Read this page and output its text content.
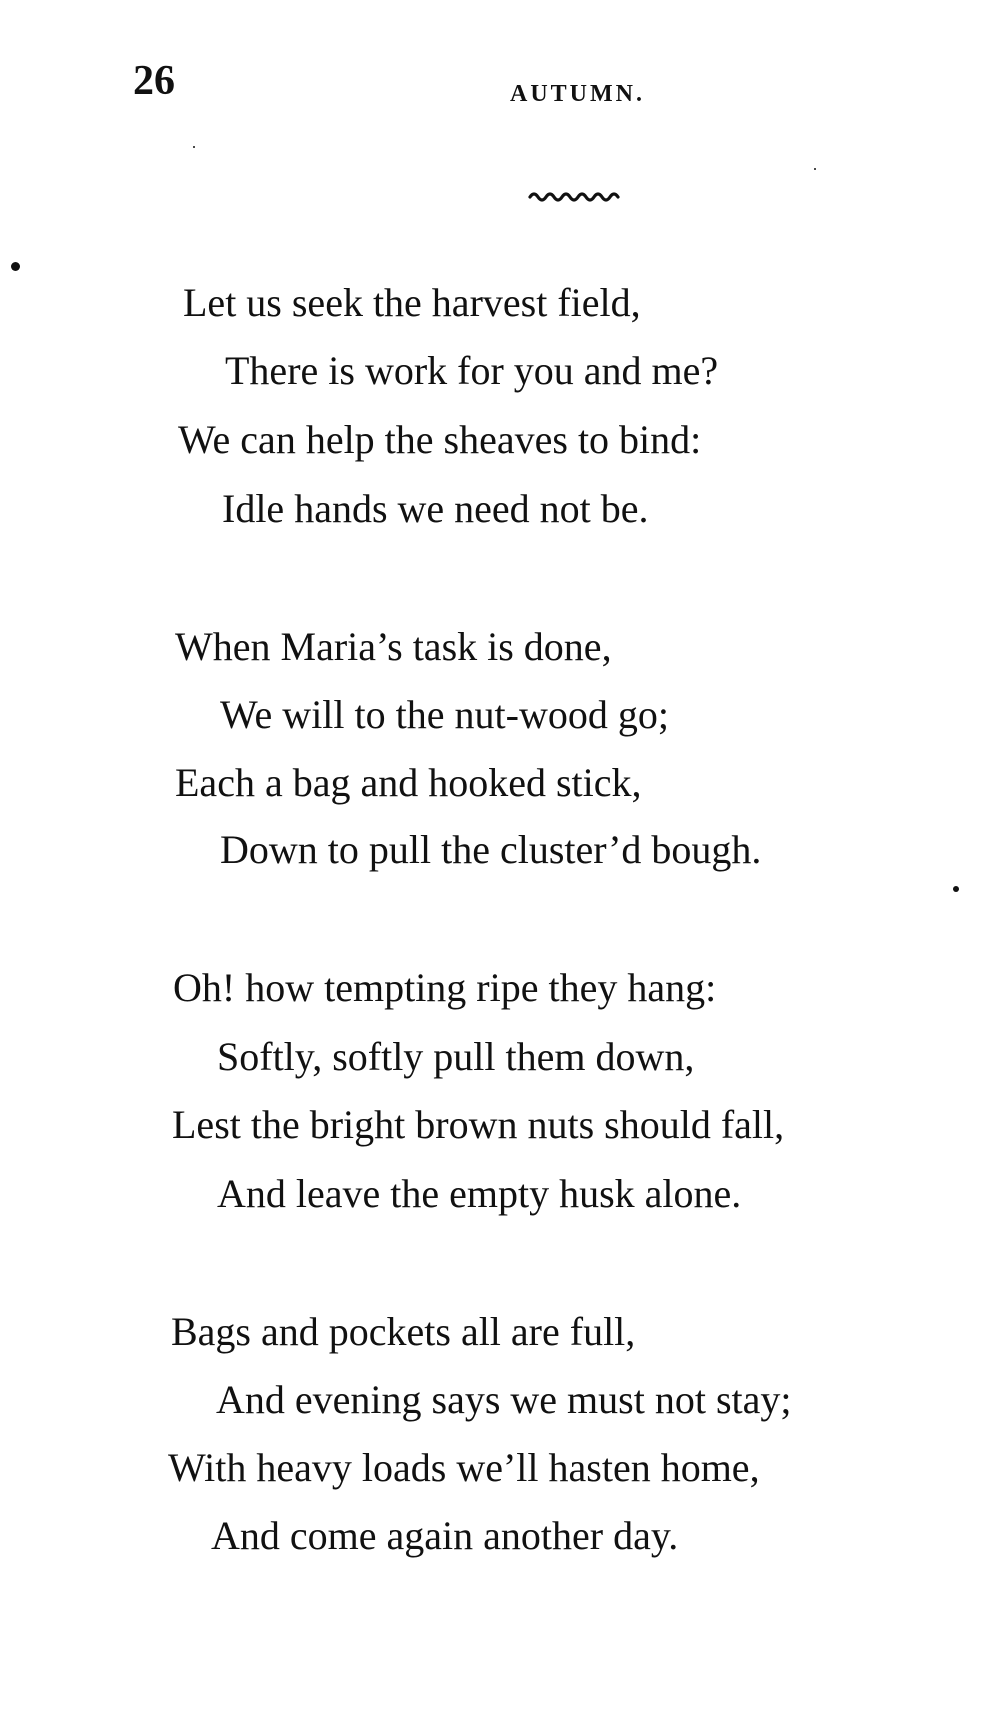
26	AUTUMN.
Let us seek the harvest field,
There is work for you and me?
We can help the sheaves to bind:
Idle hands we need not be.
When Maria’s task is done,
We will to the nut-wood go;
Each a bag and hooked stick,
Down to pull the cluster’d bough.
Oh! how tempting ripe they hang:
Softly, softly pull them down,
Lest the bright brown nuts should fall,
And leave the empty husk alone.
Bags and pockets all are full,
And evening says we must not stay;
With heavy loads we’ll hasten home,
And come again another day.
